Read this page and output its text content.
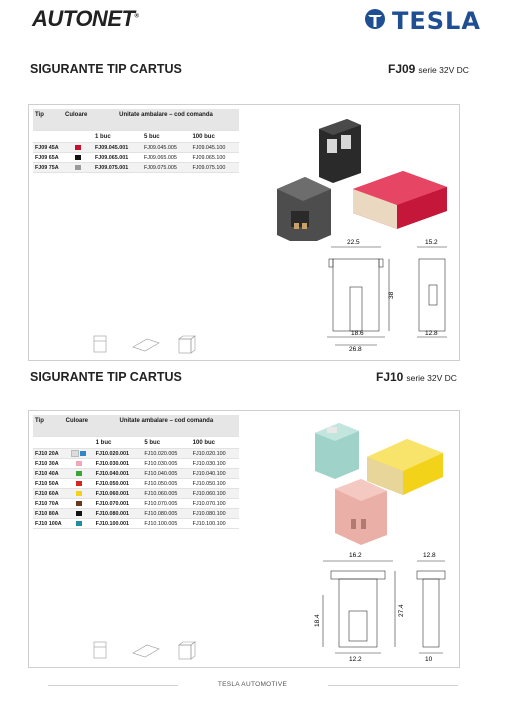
AUTONET®	TESLA
SIGURANTE TIP CARTUS	FJ09 serie 32V DC
Tip	Culoare	Unitate ambalare – cod comanda		
		1 buc	5 buc	100 buc
FJ09 45A		FJ09.045.001	FJ09.045.005	FJ09.045.100
FJ09 65A		FJ09.065.001	FJ09.065.005	FJ09.065.100
FJ09 75A		FJ09.075.001	FJ09.075.005	FJ09.075.100
22.5
18.6
26.8
38
15.2
12.8
SIGURANTE TIP CARTUS	FJ10 serie 32V DC
Tip	Culoare	Unitate ambalare – cod comanda		
		1 buc	5 buc	100 buc
FJ10 20A		FJ10.020.001	FJ10.020.005	FJ10.020.100
FJ10 30A		FJ10.030.001	FJ10.030.005	FJ10.030.100
FJ10 40A		FJ10.040.001	FJ10.040.005	FJ10.040.100
FJ10 50A		FJ10.050.001	FJ10.050.005	FJ10.050.100
FJ10 60A		FJ10.060.001	FJ10.060.005	FJ10.060.100
FJ10 70A		FJ10.070.001	FJ10.070.005	FJ10.070.100
FJ10 80A		FJ10.080.001	FJ10.080.005	FJ10.080.100
FJ10 100A		FJ10.100.001	FJ10.100.005	FJ10.100.100
16.2
18.4
27.4
12.2
12.8
10
TESLA AUTOMOTIVE
